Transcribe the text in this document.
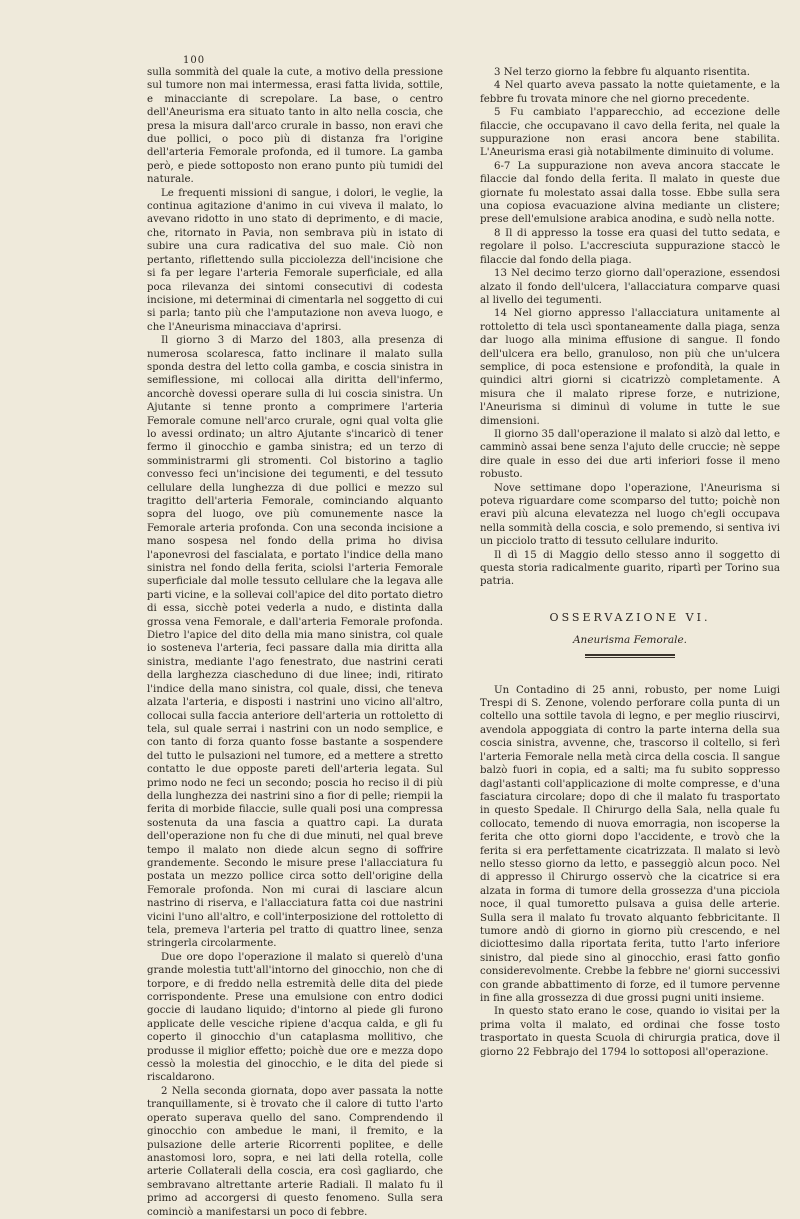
100

sulla sommità del quale la cute, a motivo della pressione sul tumore non mai intermessa, erasi fatta livida, sottile, e minacciante di screpolare. La base, o centro dell'Aneurisma era situato tanto in alto nella coscia, che presa la misura dall'arco crurale in basso, non eravi che due pollici, o poco più di distanza fra l'origine dell'arteria Femorale profonda, ed il tumore. La gamba però, e piede sottoposto non erano punto più tumidi del naturale.

Le frequenti missioni di sangue, i dolori, le veglie, la continua agitazione d'animo in cui viveva il malato, lo avevano ridotto in uno stato di deprimento, e di macie, che, ritornato in Pavia, non sembrava più in istato di subire una cura radicativa del suo male. Ciò non pertanto, riflettendo sulla picciolezza dell'incisione che si fa per legare l'arteria Femorale superficiale, ed alla poca rilevanza dei sintomi consecutivi di codesta incisione, mi determinai di cimentarla nel soggetto di cui si parla; tanto più che l'amputazione non aveva luogo, e che l'Aneurisma minacciava d'aprirsi.

Il giorno 3 di Marzo del 1803, alla presenza di numerosa scolaresca, fatto inclinare il malato sulla sponda destra del letto colla gamba, e coscia sinistra in semiflessione, mi collocai alla diritta dell'infermo, ancorchè dovessi operare sulla di lui coscia sinistra. Un Ajutante si tenne pronto a comprimere l'arteria Femorale comune nell'arco crurale, ogni qual volta glie lo avessi ordinato; un altro Ajutante s'incaricò di tener fermo il ginocchio e gamba sinistra; ed un terzo di somministrarmi gli stromenti. Col bistorino a taglio convesso feci un'incisione dei tegumenti, e del tessuto cellulare della lunghezza di due pollici e mezzo sul tragitto dell'arteria Femorale, cominciando alquanto sopra del luogo, ove più comunemente nasce la Femorale arteria profonda. Con una seconda incisione a mano sospesa nel fondo della prima ho divisa l'aponevrosi del fascialata, e portato l'indice della mano sinistra nel fondo della ferita, sciolsi l'arteria Femorale superficiale dal molle tessuto cellulare che la legava alle parti vicine, e la sollevai coll'apice del dito portato dietro di essa, sicchè potei vederla a nudo, e distinta dalla grossa vena Femorale, e dall'arteria Femorale profonda. Dietro l'apice del dito della mia mano sinistra, col quale io sosteneva l'arteria, feci passare dalla mia diritta alla sinistra, mediante l'ago fenestrato, due nastrini cerati della larghezza ciascheduno di due linee; indi, ritirato l'indice della mano sinistra, col quale, dissi, che teneva alzata l'arteria, e disposti i nastrini uno vicino all'altro, collocai sulla faccia anteriore dell'arteria un rottoletto di tela, sul quale serrai i nastrini con un nodo semplice, e con tanto di forza quanto fosse bastante a sospendere del tutto le pulsazioni nel tumore, ed a mettere a stretto contatto le due opposte pareti dell'arteria legata. Sul primo nodo ne feci un secondo; poscia ho reciso il di più della lunghezza dei nastrini sino a fior di pelle; riempii la ferita di morbide filaccie, sulle quali posi una compressa sostenuta da una fascia a quattro capi. La durata dell'operazione non fu che di due minuti, nel qual breve tempo il malato non diede alcun segno di soffrire grandemente. Secondo le misure prese l'allacciatura fu postata un mezzo pollice circa sotto dell'origine della Femorale profonda. Non mi curai di lasciare alcun nastrino di riserva, e l'allacciatura fatta coi due nastrini vicini l'uno all'altro, e coll'interposizione del rottoletto di tela, premeva l'arteria pel tratto di quattro linee, senza stringerla circolarmente.

Due ore dopo l'operazione il malato si querelò d'una grande molestia tutt'all'intorno del ginocchio, non che di torpore, e di freddo nella estremità delle dita del piede corrispondente. Prese una emulsione con entro dodici goccie di laudano liquido; d'intorno al piede gli furono applicate delle vesciche ripiene d'acqua calda, e gli fu coperto il ginocchio d'un cataplasma mollitivo, che produsse il miglior effetto; poichè due ore e mezza dopo cessò la molestia del ginocchio, e le dita del piede si riscaldarono.

2 Nella seconda giornata, dopo aver passata la notte tranquillamente, si è trovato che il calore di tutto l'arto operato superava quello del sano. Comprendendo il ginocchio con ambedue le mani, il fremito, e la pulsazione delle arterie Ricorrenti poplitee, e delle anastomosi loro, sopra, e nei lati della rotella, colle arterie Collaterali della coscia, era così gagliardo, che sembravano altrettante arterie Radiali. Il malato fu il primo ad accorgersi di questo fenomeno. Sulla sera cominciò a manifestarsi un poco di febbre.

3 Nel terzo giorno la febbre fu alquanto risentita.

4 Nel quarto aveva passato la notte quietamente, e la febbre fu trovata minore che nel giorno precedente.

5 Fu cambiato l'apparecchio, ad eccezione delle filaccie, che occupavano il cavo della ferita, nel quale la suppurazione non erasi ancora bene stabilita. L'Aneurisma erasi già notabilmente diminuito di volume.

6-7 La suppurazione non aveva ancora staccate le filaccie dal fondo della ferita. Il malato in queste due giornate fu molestato assai dalla tosse. Ebbe sulla sera una copiosa evacuazione alvina mediante un clistere; prese dell'emulsione arabica anodina, e sudò nella notte.

8 Il di appresso la tosse era quasi del tutto sedata, e regolare il polso. L'accresciuta suppurazione staccò le filaccie dal fondo della piaga.

13 Nel decimo terzo giorno dall'operazione, essendosi alzato il fondo dell'ulcera, l'allacciatura comparve quasi al livello dei tegumenti.

14 Nel giorno appresso l'allacciatura unitamente al rottoletto di tela uscì spontaneamente dalla piaga, senza dar luogo alla minima effusione di sangue. Il fondo dell'ulcera era bello, granuloso, non più che un'ulcera semplice, di poca estensione e profondità, la quale in quindici altri giorni si cicatrizzò completamente. A misura che il malato riprese forze, e nutrizione, l'Aneurisma si diminuì di volume in tutte le sue dimensioni.

Il giorno 35 dall'operazione il malato si alzò dal letto, e camminò assai bene senza l'ajuto delle cruccie; nè seppe dire quale in esso dei due arti inferiori fosse il meno robusto.

Nove settimane dopo l'operazione, l'Aneurisma si poteva riguardare come scomparso del tutto; poichè non eravi più alcuna elevatezza nel luogo ch'egli occupava nella sommità della coscia, e solo premendo, si sentiva ivi un picciolo tratto di tessuto cellulare indurito.

Il dì 15 di Maggio dello stesso anno il soggetto di questa storia radicalmente guarito, ripartì per Torino sua patria.

OSSERVAZIONE VI.
Aneurisma Femorale.

Un Contadino di 25 anni, robusto, per nome Luigi Trespi di S. Zenone, volendo perforare colla punta di un coltello una sottile tavola di legno, e per meglio riuscirvi, avendola appoggiata di contro la parte interna della sua coscia sinistra, avvenne, che, trascorso il coltello, si ferì l'arteria Femorale nella metà circa della coscia. Il sangue balzò fuori in copia, ed a salti; ma fu subito soppresso dagl'astanti coll'applicazione di molte compresse, e d'una fasciatura circolare; dopo di che il malato fu trasportato in questo Spedale. Il Chirurgo della Sala, nella quale fu collocato, temendo di nuova emorragia, non iscoperse la ferita che otto giorni dopo l'accidente, e trovò che la ferita si era perfettamente cicatrizzata. Il malato si levò nello stesso giorno da letto, e passeggiò alcun poco. Nel di appresso il Chirurgo osservò che la cicatrice si era alzata in forma di tumore della grossezza d'una picciola noce, il qual tumoretto pulsava a guisa delle arterie. Sulla sera il malato fu trovato alquanto febbricitante. Il tumore andò di giorno in giorno più crescendo, e nel diciottesimo dalla riportata ferita, tutto l'arto inferiore sinistro, dal piede sino al ginocchio, erasi fatto gonfio considerevolmente. Crebbe la febbre ne' giorni successivi con grande abbattimento di forze, ed il tumore pervenne in fine alla grossezza di due grossi pugni uniti insieme.

In questo stato erano le cose, quando io visitai per la prima volta il malato, ed ordinai che fosse tosto trasportato in questa Scuola di chirurgia pratica, dove il giorno 22 Febbrajo del 1794 lo sottoposi all'operazione.
